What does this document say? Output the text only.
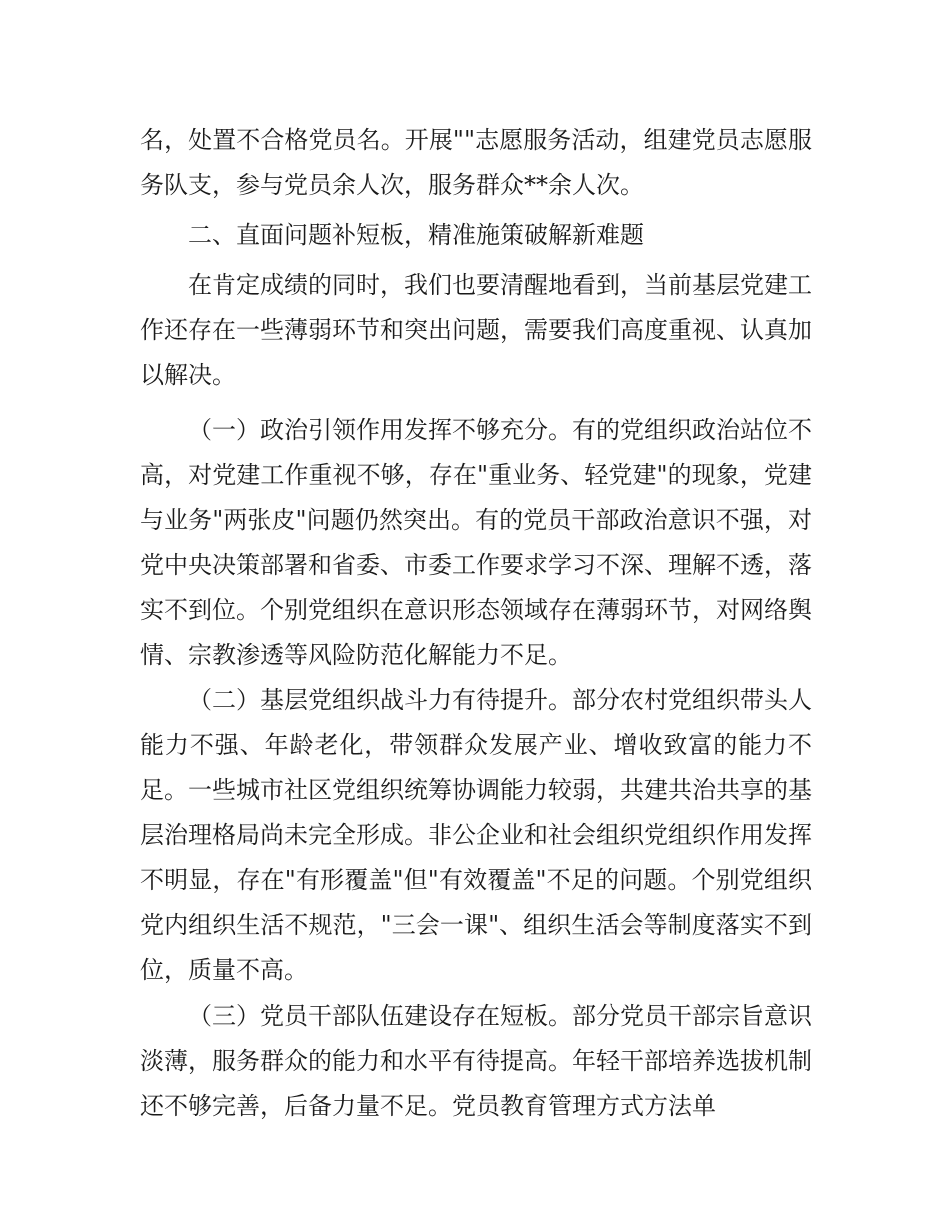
名，处置不合格党员名。开展""志愿服务活动，组建党员志愿服务队支，参与党员余人次，服务群众**余人次。

二、直面问题补短板，精准施策破解新难题

在肯定成绩的同时，我们也要清醒地看到，当前基层党建工作还存在一些薄弱环节和突出问题，需要我们高度重视、认真加以解决。

（一）政治引领作用发挥不够充分。有的党组织政治站位不高，对党建工作重视不够，存在"重业务、轻党建"的现象，党建与业务"两张皮"问题仍然突出。有的党员干部政治意识不强，对党中央决策部署和省委、市委工作要求学习不深、理解不透，落实不到位。个别党组织在意识形态领域存在薄弱环节，对网络舆情、宗教渗透等风险防范化解能力不足。

（二）基层党组织战斗力有待提升。部分农村党组织带头人能力不强、年龄老化，带领群众发展产业、增收致富的能力不足。一些城市社区党组织统筹协调能力较弱，共建共治共享的基层治理格局尚未完全形成。非公企业和社会组织党组织作用发挥不明显，存在"有形覆盖"但"有效覆盖"不足的问题。个别党组织党内组织生活不规范，"三会一课"、组织生活会等制度落实不到位，质量不高。

（三）党员干部队伍建设存在短板。部分党员干部宗旨意识淡薄，服务群众的能力和水平有待提高。年轻干部培养选拔机制还不够完善，后备力量不足。党员教育管理方式方法单
